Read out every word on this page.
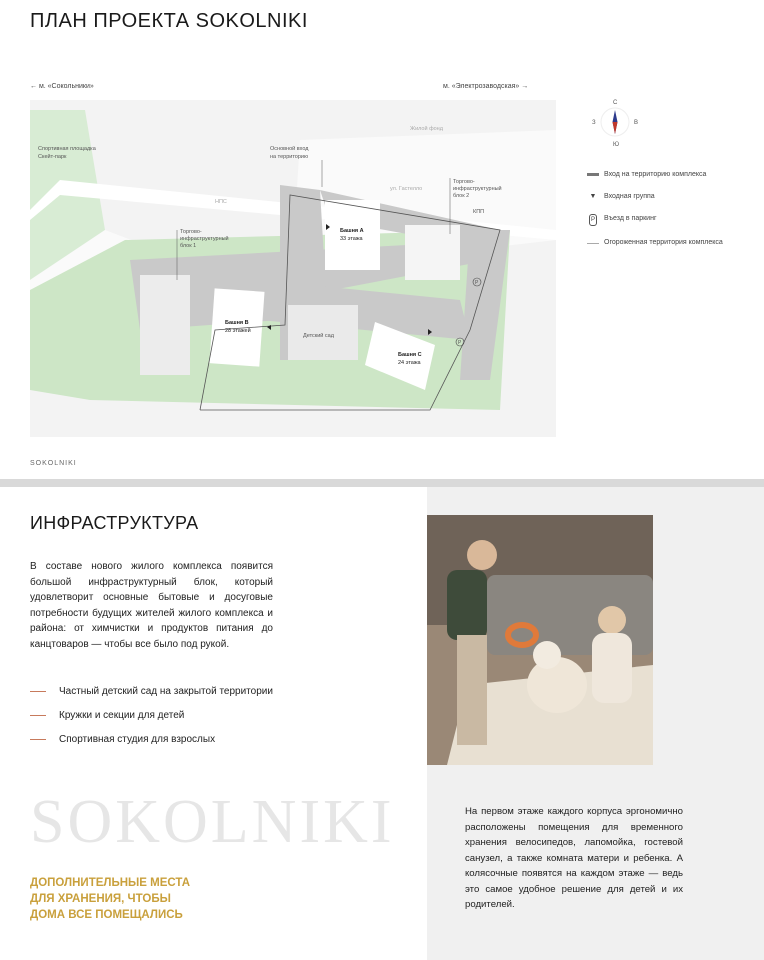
ПЛАН ПРОЕКТА SOKOLNIKI
← м. «Сокольники»	м. «Электрозаводская» →
Спортивная площадка
Скейт-парк
НПС
Основной вход
на территорию
Жилой фонд
ул. Гастелло
Торгово-
инфраструктурный
блок 2
КПП
Торгово-
инфраструктурный
блок 1
Башня А
33 этажа
Башня В
28 этажей
Детский сад
Башня С
24 этажа
P
P
С
Ю
З	В
Вход на территорию комплекса
▼	Входная группа
P Въезд в паркинг
Огороженная территория комплекса
SOKOLNIKI
ИНФРАСТРУКТУРА
В составе нового жилого комплекса появится большой инфраструктурный блок, который удовлетворит основные бытовые и досуговые потребности будущих жителей жилого комплекса и района: от химчистки и продуктов питания до канцтоваров — чтобы все было под рукой.
Частный детский сад на закрытой территории
Кружки и секции для детей
Спортивная студия для взрослых
SOKOLNIKI
ДОПОЛНИТЕЛЬНЫЕ МЕСТА
ДЛЯ ХРАНЕНИЯ, ЧТОБЫ
ДОМА ВСЕ ПОМЕЩАЛИСЬ
На первом этаже каждого корпуса эргономично расположены помещения для временного хранения велосипедов, лапомойка, гостевой санузел, а также комната матери и ребенка. А колясочные появятся на каждом этаже — ведь это самое удобное решение для детей и их родителей.
